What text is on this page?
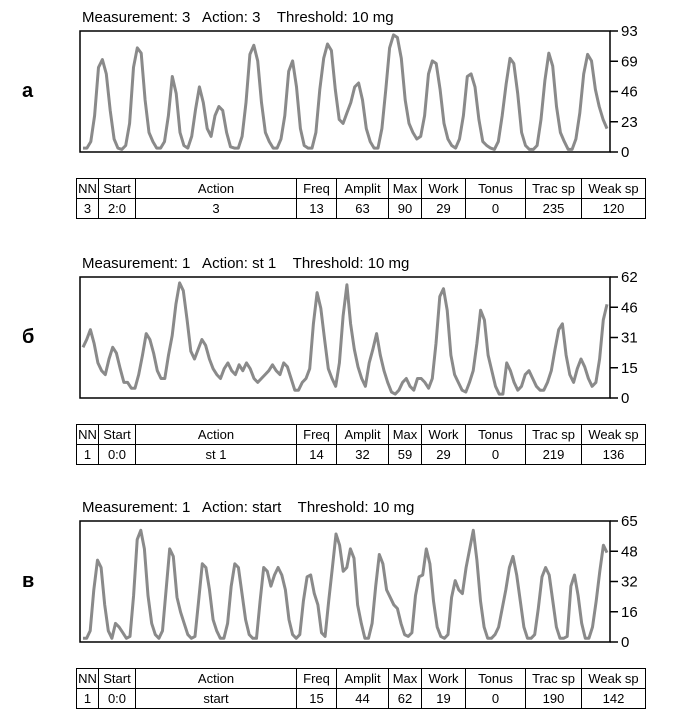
а
Measurement: 3   Action: 3    Threshold: 10 mg
93
69
46
23
0
NN	Start	Action	Freq	Amplit	Max	Work	Tonus	Trac sp	Weak sp
3	2:0	3	13	63	90	29	0	235	120
б
Measurement: 1   Action: st 1    Threshold: 10 mg
62
46
31
15
0
NN	Start	Action	Freq	Amplit	Max	Work	Tonus	Trac sp	Weak sp
1	0:0	st 1	14	32	59	29	0	219	136
в
Measurement: 1   Action: start    Threshold: 10 mg
65
48
32
16
0
NN	Start	Action	Freq	Amplit	Max	Work	Tonus	Trac sp	Weak sp
1	0:0	start	15	44	62	19	0	190	142
